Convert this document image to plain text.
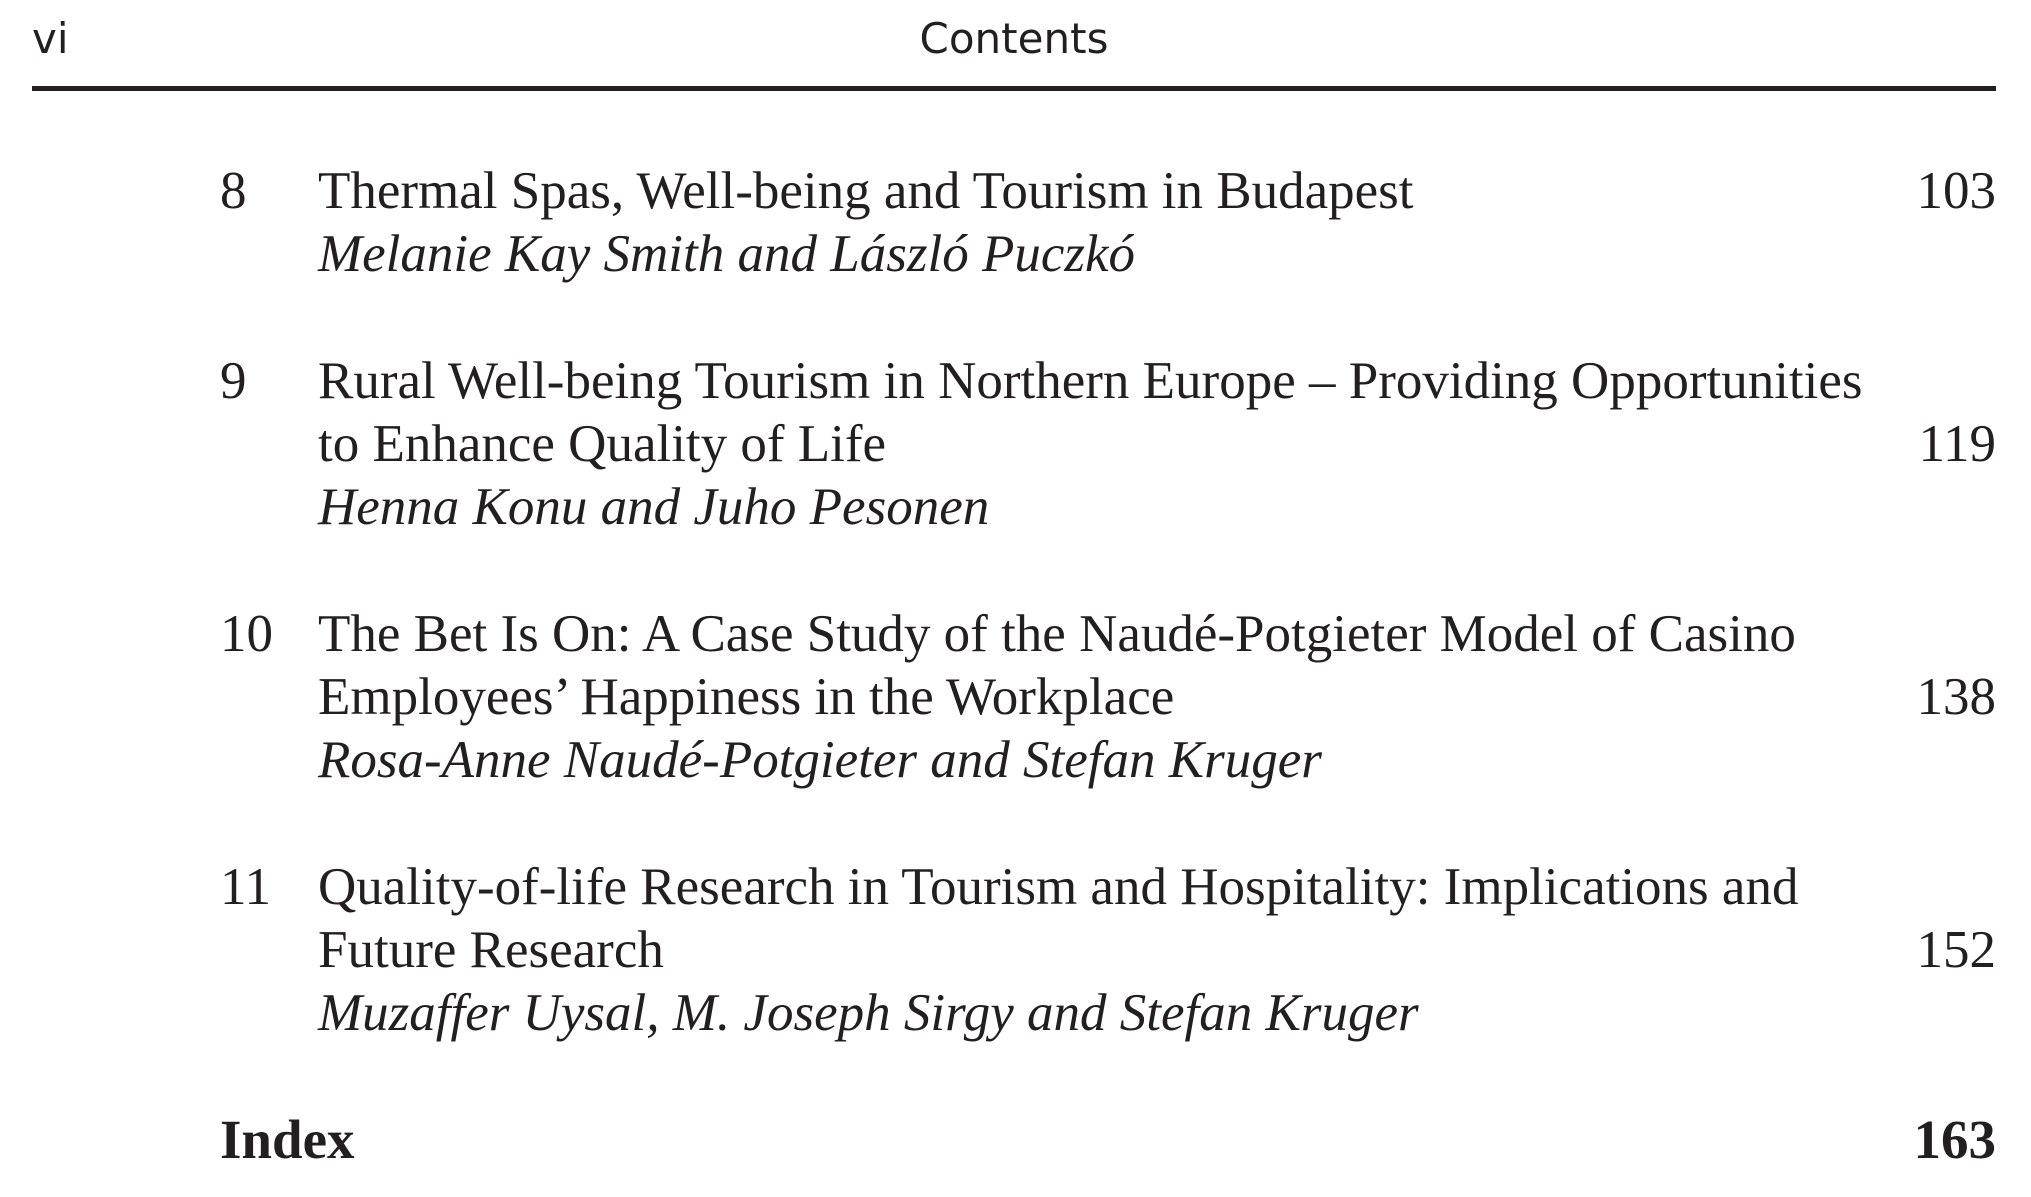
vi	Contents
8 Thermal Spas, Well-being and Tourism in Budapest
Melanie Kay Smith and László Puczkó
103
9 Rural Well-being Tourism in Northern Europe – Providing Opportunities to Enhance Quality of Life
Henna Konu and Juho Pesonen
119
10 The Bet Is On: A Case Study of the Naudé-Potgieter Model of Casino Employees’ Happiness in the Workplace
Rosa-Anne Naudé-Potgieter and Stefan Kruger
138
11 Quality-of-life Research in Tourism and Hospitality: Implications and Future Research
Muzaffer Uysal, M. Joseph Sirgy and Stefan Kruger
152
Index	163
